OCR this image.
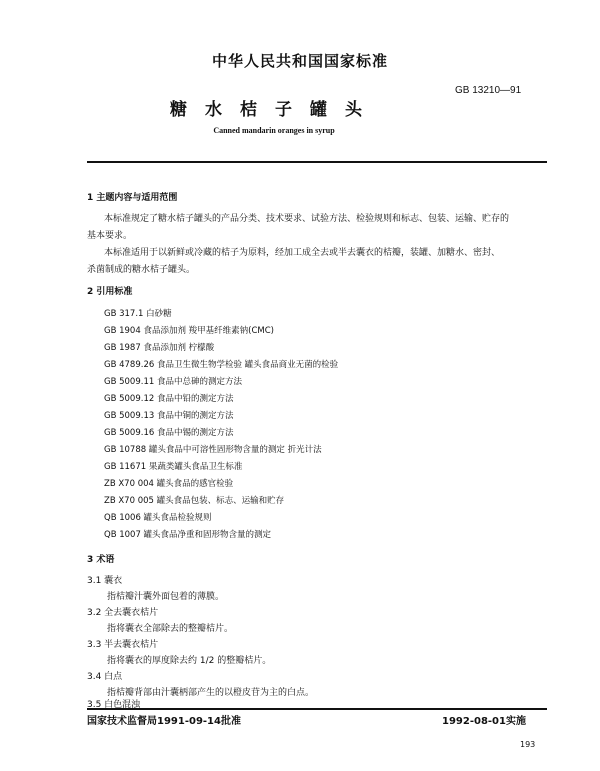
中华人民共和国国家标准
GB 13210—91
糖水桔子罐头
Canned mandarin oranges in syrup
1 主题内容与适用范围
本标准规定了糖水桔子罐头的产品分类、技术要求、试验方法、检验规则和标志、包装、运输、贮存的
基本要求。
本标准适用于以新鲜或冷藏的桔子为原料，经加工成全去或半去囊衣的桔瓣，装罐、加糖水、密封、
杀菌制成的糖水桔子罐头。
2 引用标准
GB 317.1 白砂糖
GB 1904 食品添加剂 羧甲基纤维素钠(CMC)
GB 1987 食品添加剂 柠檬酸
GB 4789.26 食品卫生微生物学检验 罐头食品商业无菌的检验
GB 5009.11 食品中总砷的测定方法
GB 5009.12 食品中铅的测定方法
GB 5009.13 食品中铜的测定方法
GB 5009.16 食品中锡的测定方法
GB 10788 罐头食品中可溶性固形物含量的测定 折光计法
GB 11671 果蔬类罐头食品卫生标准
ZB X70 004 罐头食品的感官检验
ZB X70 005 罐头食品包装、标志、运输和贮存
QB 1006 罐头食品检验规则
QB 1007 罐头食品净重和固形物含量的测定
3 术语
3.1 囊衣
指桔瓣汁囊外面包着的薄膜。
3.2 全去囊衣桔片
指将囊衣全部除去的整瓣桔片。
3.3 半去囊衣桔片
指将囊衣的厚度除去约 1/2 的整瓣桔片。
3.4 白点
指桔瓣背部由汁囊柄部产生的以橙皮苷为主的白点。
3.5 白色混浊
国家技术监督局1991-09-14批准	1992-08-01实施
193
